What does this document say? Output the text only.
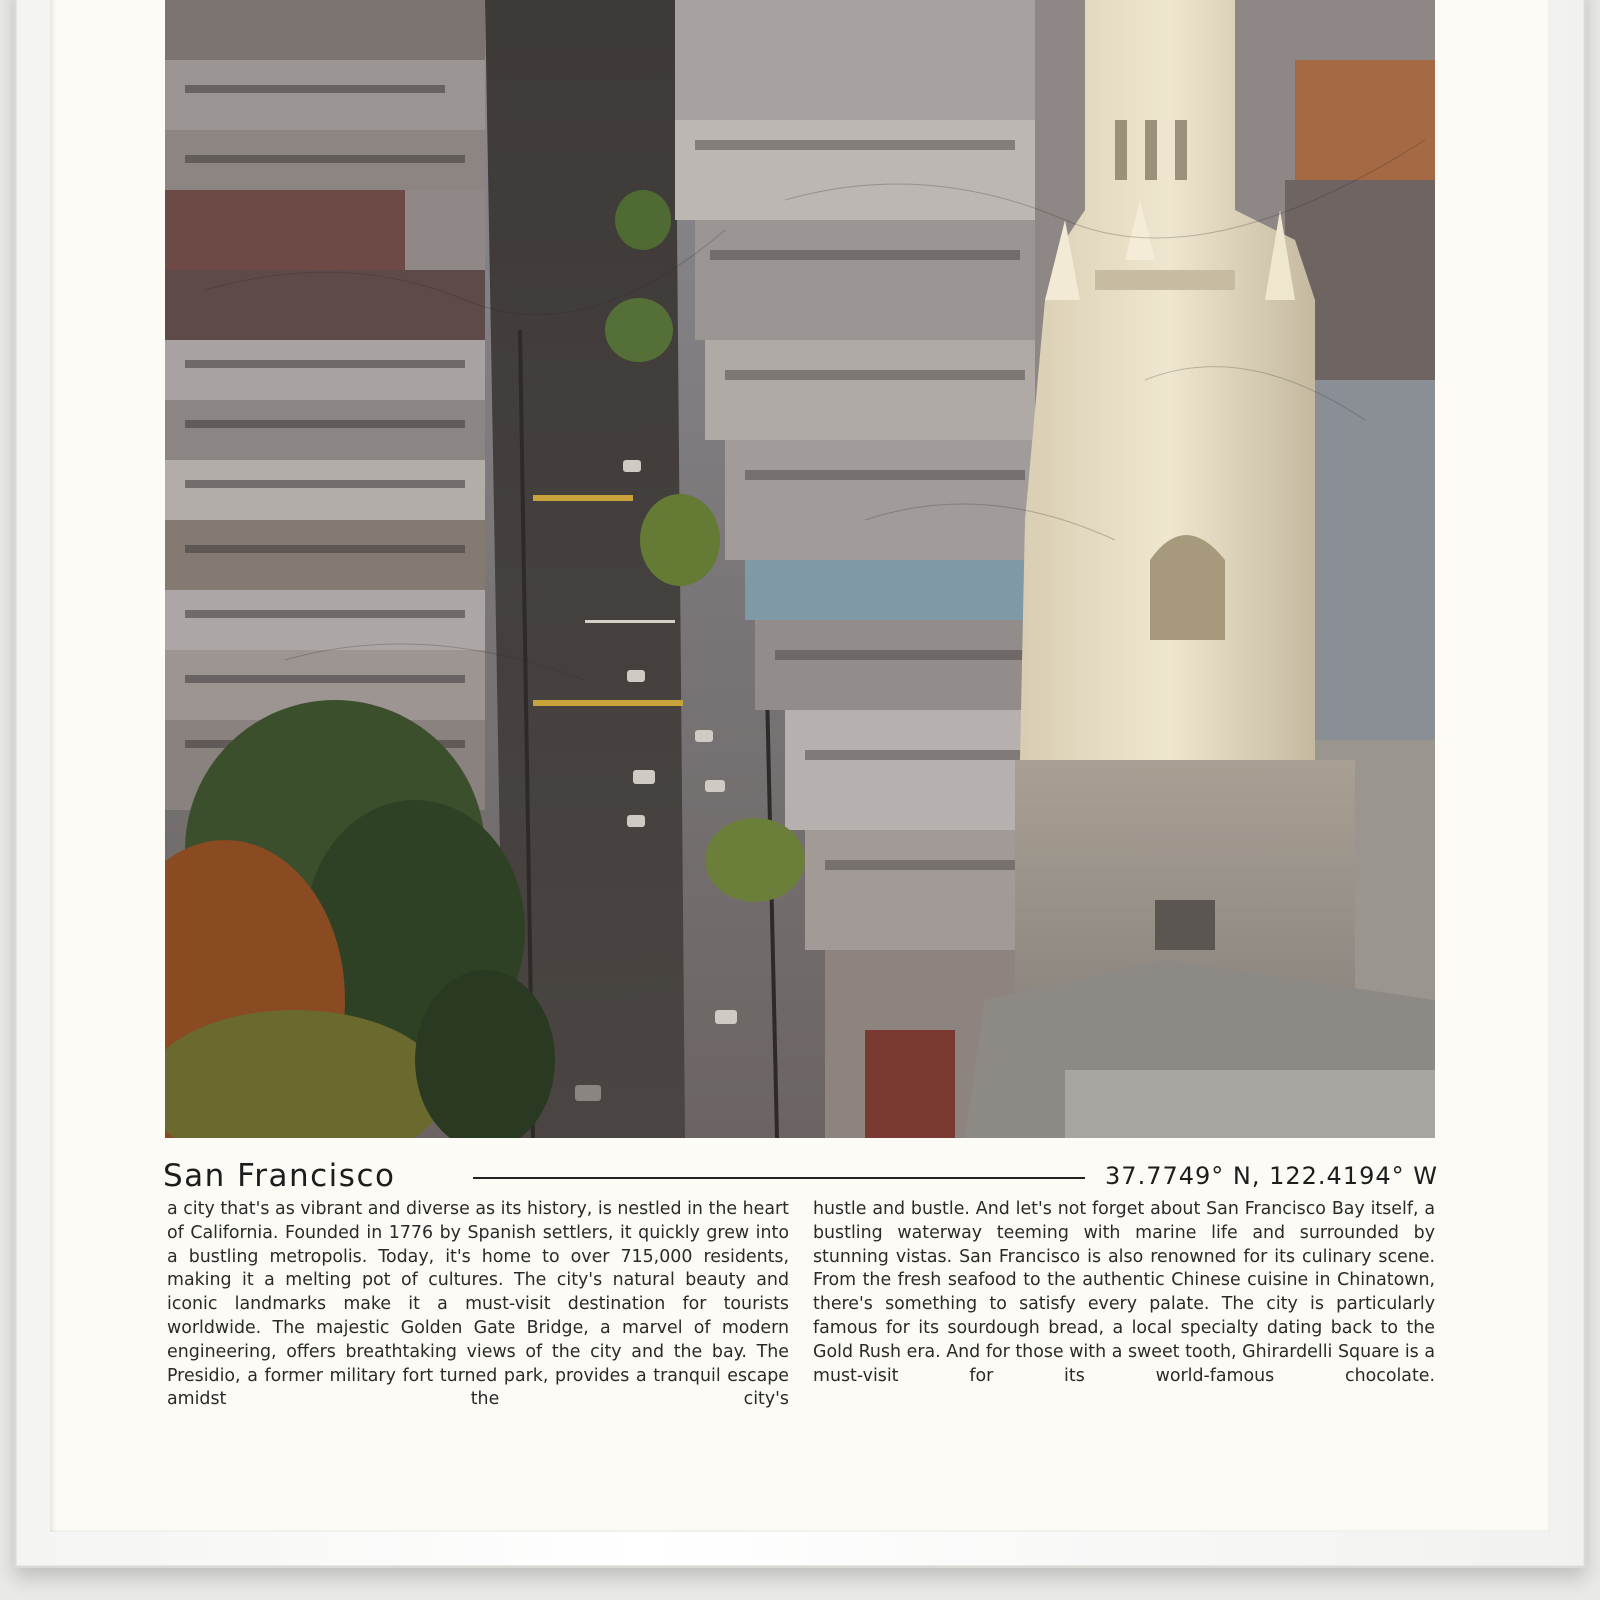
San Francisco	37.7749° N, 122.4194° W

a city that's as vibrant and diverse as its history, is nestled in the heart of California. Founded in 1776 by Spanish settlers, it quickly grew into a bustling metropolis. Today, it's home to over 715,000 residents, making it a melting pot of cultures. The city's natural beauty and iconic landmarks make it a must-visit destination for tourists worldwide. The majestic Golden Gate Bridge, a marvel of modern engineering, offers breathtaking views of the city and the bay. The Presidio, a former military fort turned park, provides a tranquil escape amidst the city's

hustle and bustle. And let's not forget about San Francisco Bay itself, a bustling waterway teeming with marine life and surrounded by stunning vistas. San Francisco is also renowned for its culinary scene. From the fresh seafood to the authentic Chinese cuisine in Chinatown, there's something to satisfy every palate. The city is particularly famous for its sourdough bread, a local specialty dating back to the Gold Rush era. And for those with a sweet tooth, Ghirardelli Square is a must-visit for its world-famous chocolate.
